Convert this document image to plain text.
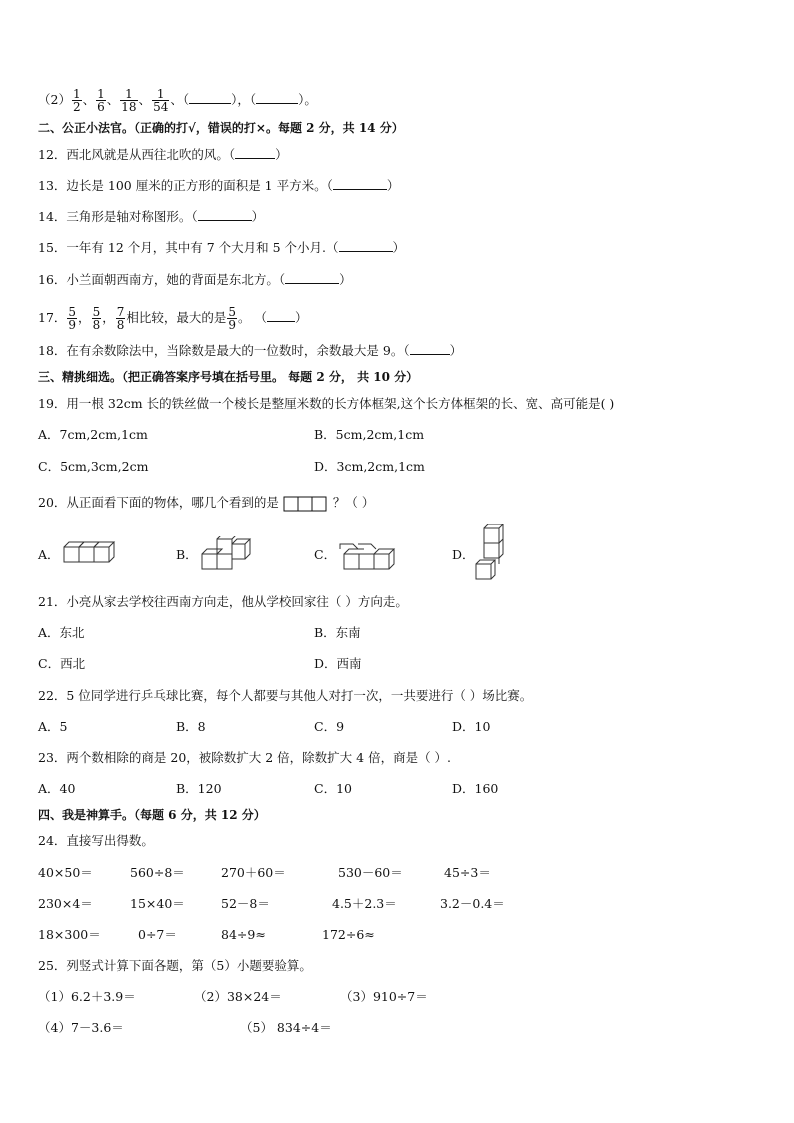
$(2) \frac{1}{2}$ 、 $\frac{1}{6}$ 、 $\frac{1}{18}$ 、 $\frac{1}{54}$ 、（	），（	）。
二、公正小法官。（正确的打√，错误的打×。每题 2 分，共 14 分）
12．西北风就是从西往北吹的风。（	）
13．边长是 100 厘米的正方形的面积是 1 平方米。（	）
14．三角形是轴对称图形。（	）
15．一年有 12 个月，其中有 7 个大月和 5 个小月.（	）
16．小兰面朝西南方，她的背面是东北方。（	）
17． $\frac{5}{9}$ ， $\frac{5}{8}$ ， $\frac{7}{8}$ 相比较，最大的是 $\frac{5}{9}$ 。 （ ）
18．在有余数除法中，当除数是最大的一位数时，余数最大是 9。（	）
三、精挑细选。（把正确答案序号填在括号里。 每题 2 分， 共 10 分）
19．用一根 32cm 长的铁丝做一个棱长是整厘米数的长方体框架,这个长方体框架的长、宽、高可能是( )
A．7cm,2cm,1cm	B．5cm,2cm,1cm
C．5cm,3cm,2cm	D．3cm,2cm,1cm
20．从正面看下面的物体，哪几个看到的是	？（ ）
A．	B．	C．	D．
21．小亮从家去学校往西南方向走，他从学校回家往（ ）方向走。
A．东北	B．东南
C．西北	D．西南
22．5 位同学进行乒乓球比赛，每个人都要与其他人对打一次，一共要进行（ ）场比赛。
A．5	B．8	C．9	D．10
23．两个数相除的商是 20，被除数扩大 2 倍，除数扩大 4 倍，商是（ ）.
A．40	B．120	C．10	D．160
四、我是神算手。（每题 6 分，共 12 分）
24．直接写出得数。
40×50＝	560÷8＝	270＋60＝	530－60＝	45÷3＝
230×4＝	15×40＝	52－8＝	4.5＋2.3＝	3.2－0.4＝
18×300＝	0÷7＝	84÷9≈	172÷6≈
25．列竖式计算下面各题，第（5）小题要验算。
（1）6.2＋3.9＝	（2）38×24＝	（3）910÷7＝
（4）7－3.6＝	（5） 834÷4＝
